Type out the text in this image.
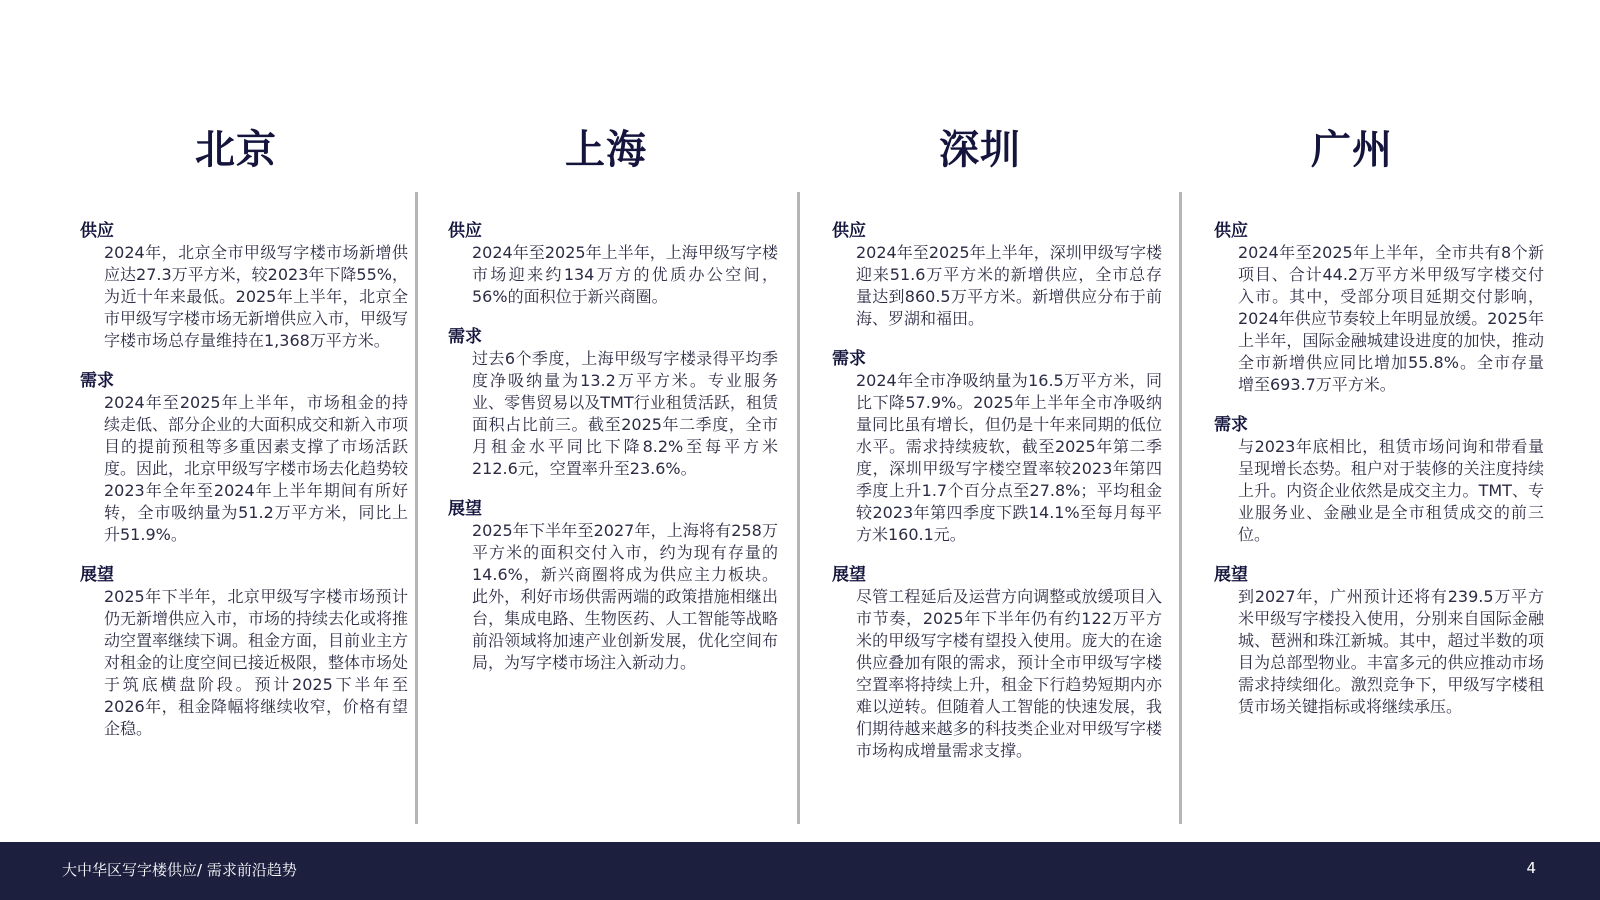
北京	上海	深圳	广州
供应
2024年，北京全市甲级写字楼市场新增供应达27.3万平方米，较2023年下降55%，为近十年来最低。2025年上半年，北京全市甲级写字楼市场无新增供应入市，甲级写字楼市场总存量维持在1,368万平方米。
需求
2024年至2025年上半年，市场租金的持续走低、部分企业的大面积成交和新入市项目的提前预租等多重因素支撑了市场活跃度。因此，北京甲级写字楼市场去化趋势较2023年全年至2024年上半年期间有所好转，全市吸纳量为51.2万平方米，同比上升51.9%。
展望
2025年下半年，北京甲级写字楼市场预计仍无新增供应入市，市场的持续去化或将推动空置率继续下调。租金方面，目前业主方对租金的让度空间已接近极限，整体市场处于筑底横盘阶段。预计2025下半年至2026年，租金降幅将继续收窄，价格有望企稳。
供应
2024年至2025年上半年，上海甲级写字楼市场迎来约134万方的优质办公空间，56%的面积位于新兴商圈。
需求
过去6个季度，上海甲级写字楼录得平均季度净吸纳量为13.2万平方米。专业服务业、零售贸易以及TMT行业租赁活跃，租赁面积占比前三。截至2025年二季度，全市月租金水平同比下降8.2%至每平方米212.6元，空置率升至23.6%。
展望
2025年下半年至2027年，上海将有258万平方米的面积交付入市，约为现有存量的14.6%，新兴商圈将成为供应主力板块。此外，利好市场供需两端的政策措施相继出台，集成电路、生物医药、人工智能等战略前沿领域将加速产业创新发展，优化空间布局，为写字楼市场注入新动力。
供应
2024年至2025年上半年，深圳甲级写字楼迎来51.6万平方米的新增供应，全市总存量达到860.5万平方米。新增供应分布于前海、罗湖和福田。
需求
2024年全市净吸纳量为16.5万平方米，同比下降57.9%。2025年上半年全市净吸纳量同比虽有增长，但仍是十年来同期的低位水平。需求持续疲软，截至2025年第二季度，深圳甲级写字楼空置率较2023年第四季度上升1.7个百分点至27.8%；平均租金较2023年第四季度下跌14.1%至每月每平方米160.1元。
展望
尽管工程延后及运营方向调整或放缓项目入市节奏，2025年下半年仍有约122万平方米的甲级写字楼有望投入使用。庞大的在途供应叠加有限的需求，预计全市甲级写字楼空置率将持续上升，租金下行趋势短期内亦难以逆转。但随着人工智能的快速发展，我们期待越来越多的科技类企业对甲级写字楼市场构成增量需求支撑。
供应
2024年至2025年上半年，全市共有8个新项目、合计44.2万平方米甲级写字楼交付入市。其中，受部分项目延期交付影响，2024年供应节奏较上年明显放缓。2025年上半年，国际金融城建设进度的加快，推动全市新增供应同比增加55.8%。全市存量增至693.7万平方米。
需求
与2023年底相比，租赁市场问询和带看量呈现增长态势。租户对于装修的关注度持续上升。内资企业依然是成交主力。TMT、专业服务业、金融业是全市租赁成交的前三位。
展望
到2027年，广州预计还将有239.5万平方米甲级写字楼投入使用，分别来自国际金融城、琶洲和珠江新城。其中，超过半数的项目为总部型物业。丰富多元的供应推动市场需求持续细化。激烈竞争下，甲级写字楼租赁市场关键指标或将继续承压。
大中华区写字楼供应/ 需求前沿趋势	4
